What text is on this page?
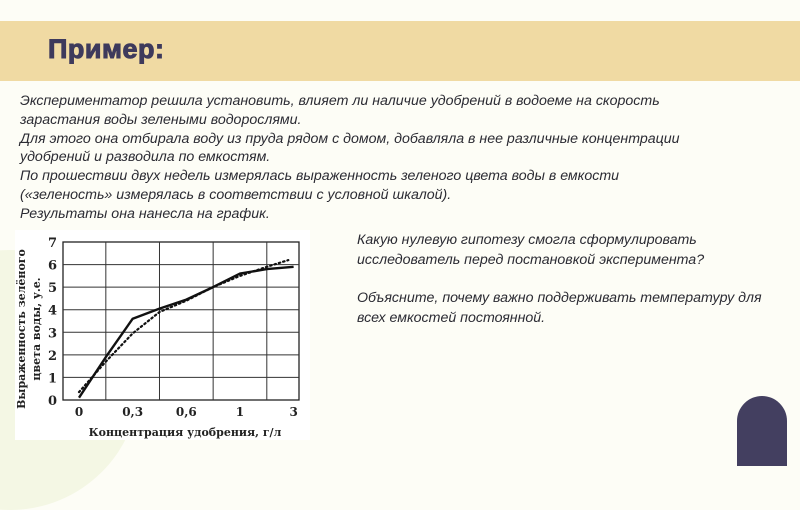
Пример:

Экспериментатор решила установить, влияет ли наличие удобрений в водоеме на скорость

зарастания воды зелеными водорослями.

Для этого она отбирала воду из пруда рядом с домом, добавляла в нее различные концентрации

удобрений и разводила по емкостям.

По прошествии двух недель измерялась выраженность зеленого цвета воды в емкости

(«зеленость» измерялась в соответствии с условной шкалой).

Результаты она нанесла на график.

0
1
2
3
4
5
6
7
0	0,3	0,6	1	3
Концентрация удобрения, г/л
Выраженность зелёного цвета воды, у.е.

Какую нулевую гипотезу смогла сформулировать исследователь перед постановкой эксперимента?

Объясните, почему важно поддерживать температуру для всех емкостей постоянной.
